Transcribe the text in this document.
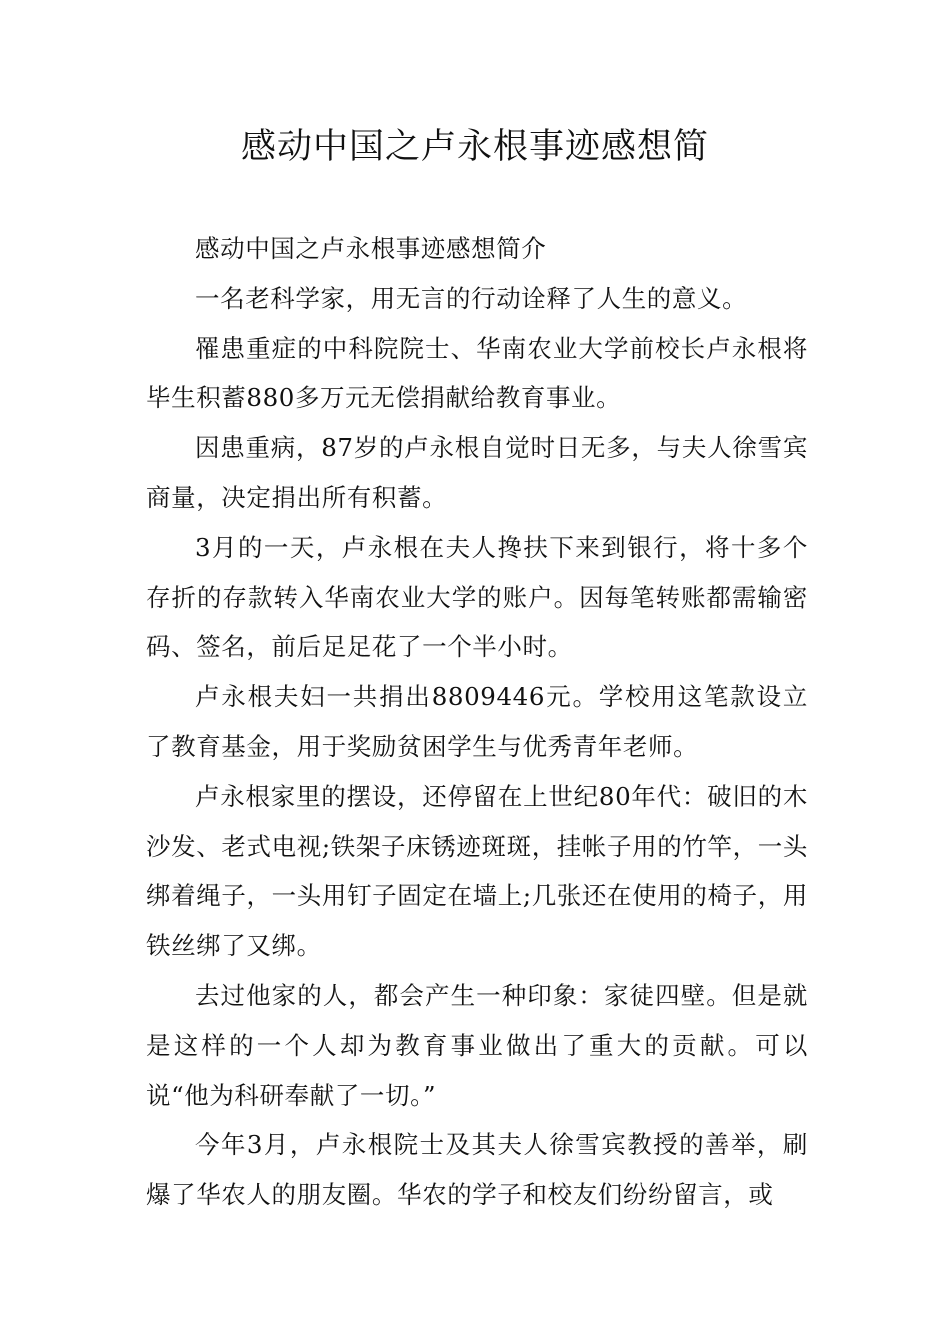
感动中国之卢永根事迹感想简

感动中国之卢永根事迹感想简介

一名老科学家，用无言的行动诠释了人生的意义。

罹患重症的中科院院士、华南农业大学前校长卢永根将毕生积蓄880多万元无偿捐献给教育事业。

因患重病，87岁的卢永根自觉时日无多，与夫人徐雪宾商量，决定捐出所有积蓄。

3月的一天，卢永根在夫人搀扶下来到银行，将十多个存折的存款转入华南农业大学的账户。因每笔转账都需输密码、签名，前后足足花了一个半小时。

卢永根夫妇一共捐出8809446元。学校用这笔款设立了教育基金，用于奖励贫困学生与优秀青年老师。

卢永根家里的摆设，还停留在上世纪80年代：破旧的木沙发、老式电视;铁架子床锈迹斑斑，挂帐子用的竹竿，一头绑着绳子，一头用钉子固定在墙上;几张还在使用的椅子，用铁丝绑了又绑。

去过他家的人，都会产生一种印象：家徒四壁。但是就是这样的一个人却为教育事业做出了重大的贡献。可以说“他为科研奉献了一切。”

今年3月，卢永根院士及其夫人徐雪宾教授的善举，刷爆了华农人的朋友圈。华农的学子和校友们纷纷留言，或
